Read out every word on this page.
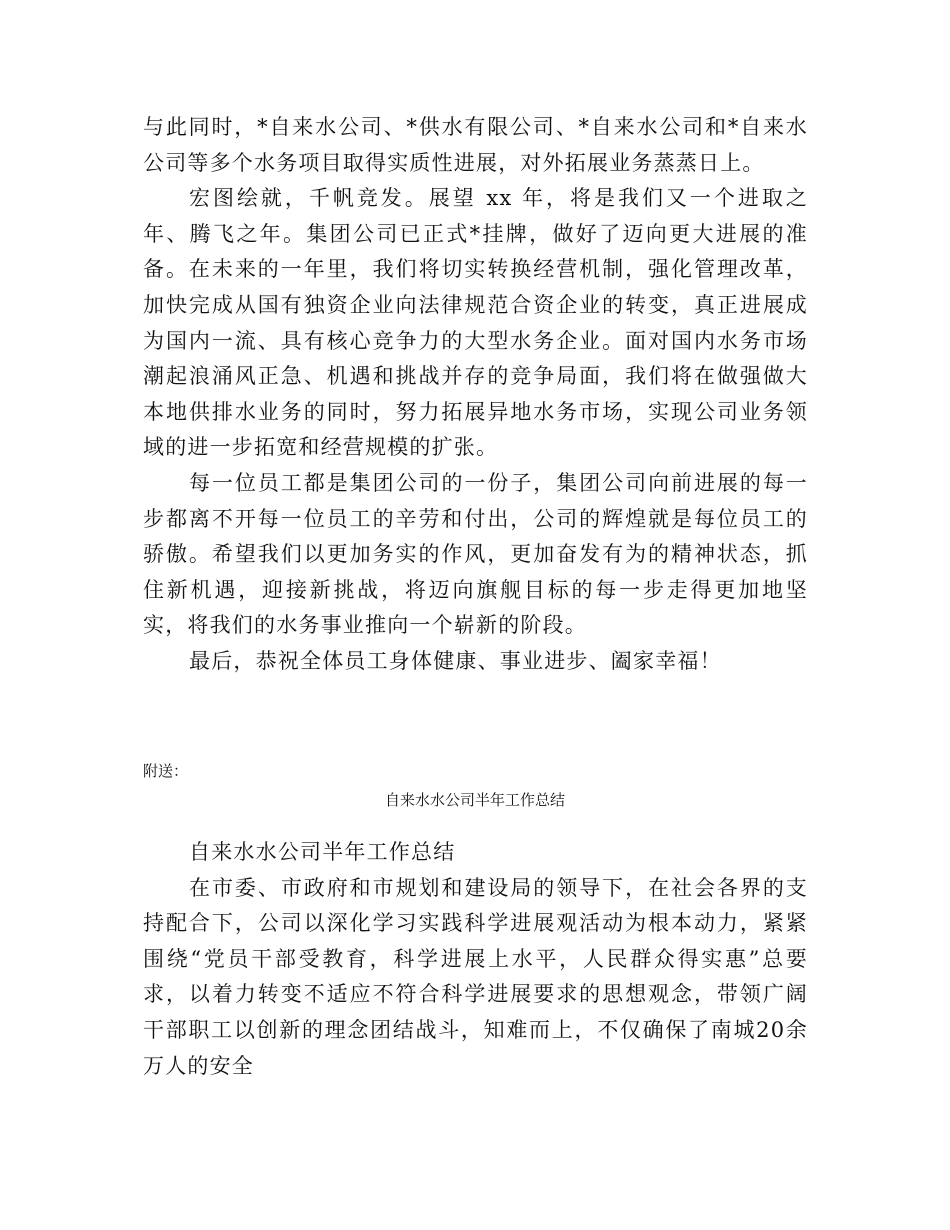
与此同时，*自来水公司、*供水有限公司、*自来水公司和*自来水公司等多个水务项目取得实质性进展，对外拓展业务蒸蒸日上。

宏图绘就，千帆竞发。展望 xx 年，将是我们又一个进取之年、腾飞之年。集团公司已正式*挂牌，做好了迈向更大进展的准备。在未来的一年里，我们将切实转换经营机制，强化管理改革，加快完成从国有独资企业向法律规范合资企业的转变，真正进展成为国内一流、具有核心竞争力的大型水务企业。面对国内水务市场潮起浪涌风正急、机遇和挑战并存的竞争局面，我们将在做强做大本地供排水业务的同时，努力拓展异地水务市场，实现公司业务领域的进一步拓宽和经营规模的扩张。

每一位员工都是集团公司的一份子，集团公司向前进展的每一步都离不开每一位员工的辛劳和付出，公司的辉煌就是每位员工的骄傲。希望我们以更加务实的作风，更加奋发有为的精神状态，抓住新机遇，迎接新挑战，将迈向旗舰目标的每一步走得更加地坚实，将我们的水务事业推向一个崭新的阶段。

最后，恭祝全体员工身体健康、事业进步、阖家幸福！

附送：

自来水水公司半年工作总结

自来水水公司半年工作总结

在市委、市政府和市规划和建设局的领导下，在社会各界的支持配合下，公司以深化学习实践科学进展观活动为根本动力，紧紧围绕“党员干部受教育，科学进展上水平，人民群众得实惠”总要求，以着力转变不适应不符合科学进展要求的思想观念，带领广阔干部职工以创新的理念团结战斗，知难而上，不仅确保了南城20余万人的安全
